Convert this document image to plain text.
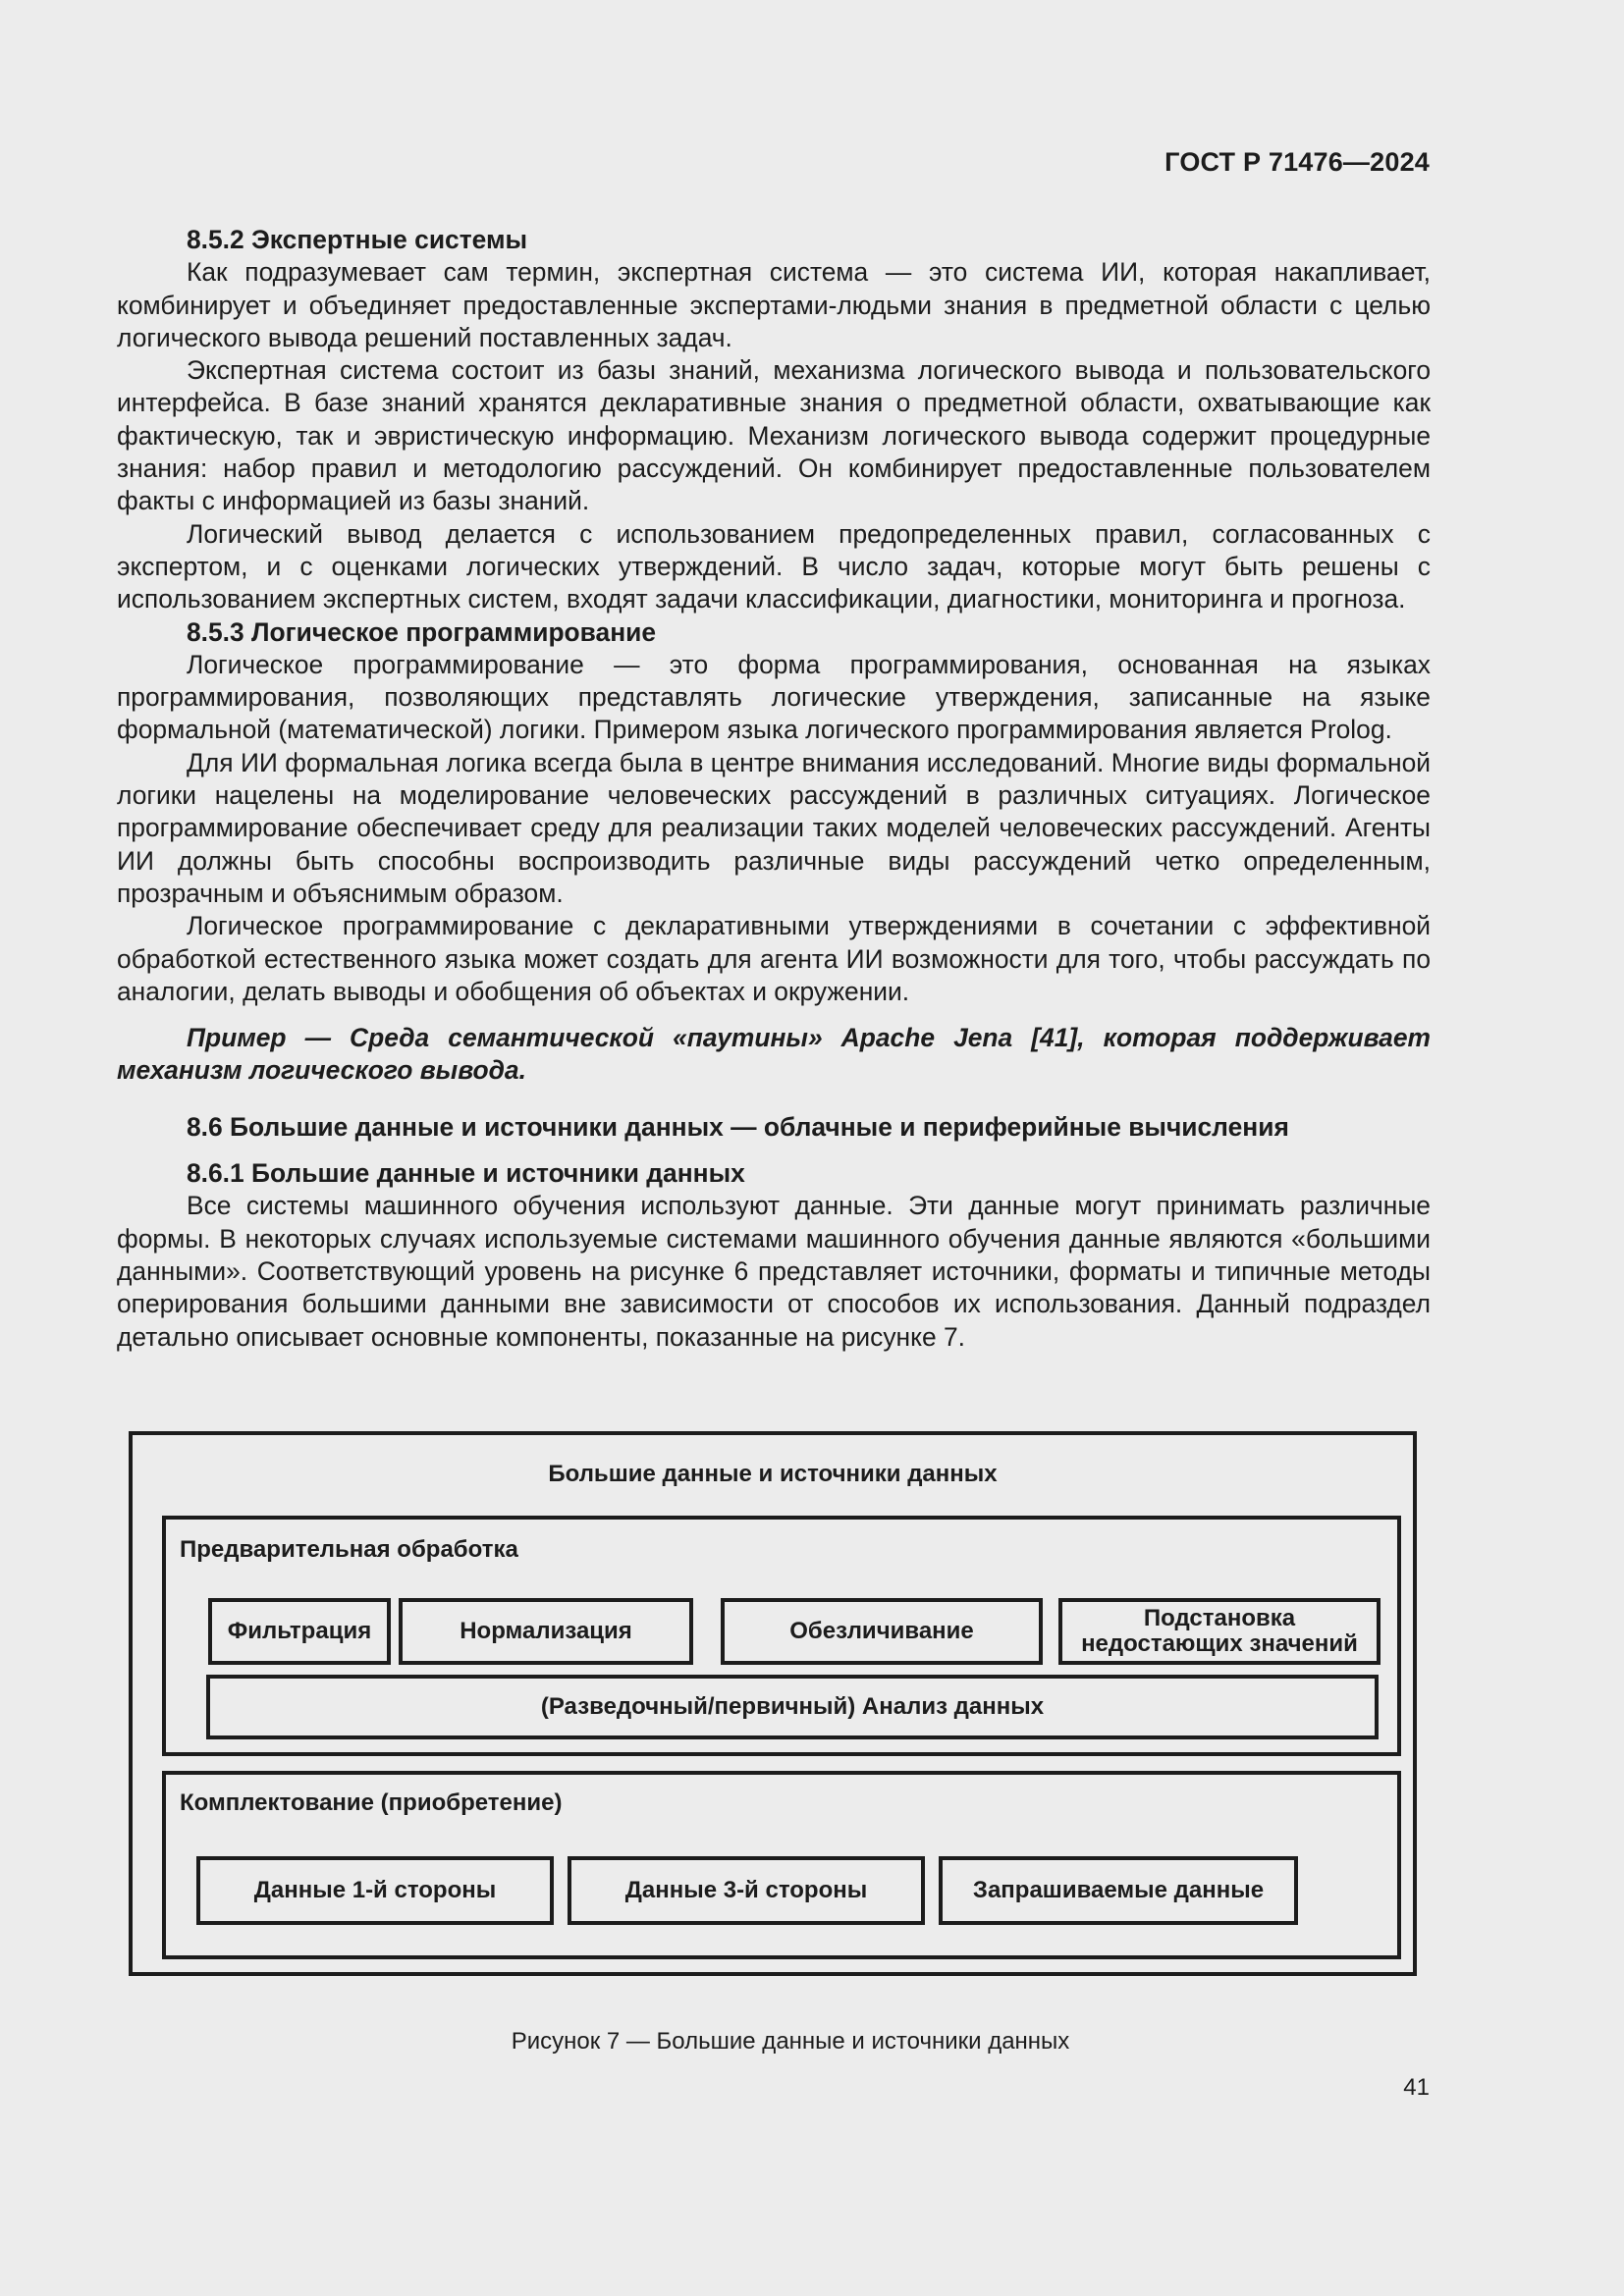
ГОСТ Р 71476—2024
8.5.2 Экспертные системы

Как подразумевает сам термин, экспертная система — это система ИИ, которая накапливает, комбинирует и объединяет предоставленные экспертами-людьми знания в предметной области с целью логического вывода решений поставленных задач.

Экспертная система состоит из базы знаний, механизма логического вывода и пользовательского интерфейса. В базе знаний хранятся декларативные знания о предметной области, охватывающие как фактическую, так и эвристическую информацию. Механизм логического вывода содержит процедурные знания: набор правил и методологию рассуждений. Он комбинирует предоставленные пользователем факты с информацией из базы знаний.

Логический вывод делается с использованием предопределенных правил, согласованных с экспертом, и с оценками логических утверждений. В число задач, которые могут быть решены с использованием экспертных систем, входят задачи классификации, диагностики, мониторинга и прогноза.

8.5.3 Логическое программирование

Логическое программирование — это форма программирования, основанная на языках программирования, позволяющих представлять логические утверждения, записанные на языке формальной (математической) логики. Примером языка логического программирования является Prolog.

Для ИИ формальная логика всегда была в центре внимания исследований. Многие виды формальной логики нацелены на моделирование человеческих рассуждений в различных ситуациях. Логическое программирование обеспечивает среду для реализации таких моделей человеческих рассуждений. Агенты ИИ должны быть способны воспроизводить различные виды рассуждений четко определенным, прозрачным и объяснимым образом.

Логическое программирование с декларативными утверждениями в сочетании с эффективной обработкой естественного языка может создать для агента ИИ возможности для того, чтобы рассуждать по аналогии, делать выводы и обобщения об объектах и окружении.

Пример — Среда семантической «паутины» Apache Jena [41], которая поддерживает механизм логического вывода.

8.6 Большие данные и источники данных — облачные и периферийные вычисления
8.6.1 Большие данные и источники данных

Все системы машинного обучения используют данные. Эти данные могут принимать различные формы. В некоторых случаях используемые системами машинного обучения данные являются «большими данными». Соответствующий уровень на рисунке 6 представляет источники, форматы и типичные методы оперирования большими данными вне зависимости от способов их использования. Данный подраздел детально описывает основные компоненты, показанные на рисунке 7.

Большие данные и источники данных
Предварительная обработка
Фильтрация	Нормализация	Обезличивание	Подстановка недостающих значений
(Разведочный/первичный) Анализ данных
Комплектование (приобретение)
Данные 1-й стороны	Данные 3-й стороны	Запрашиваемые данные
Рисунок 7 — Большие данные и источники данных
41
